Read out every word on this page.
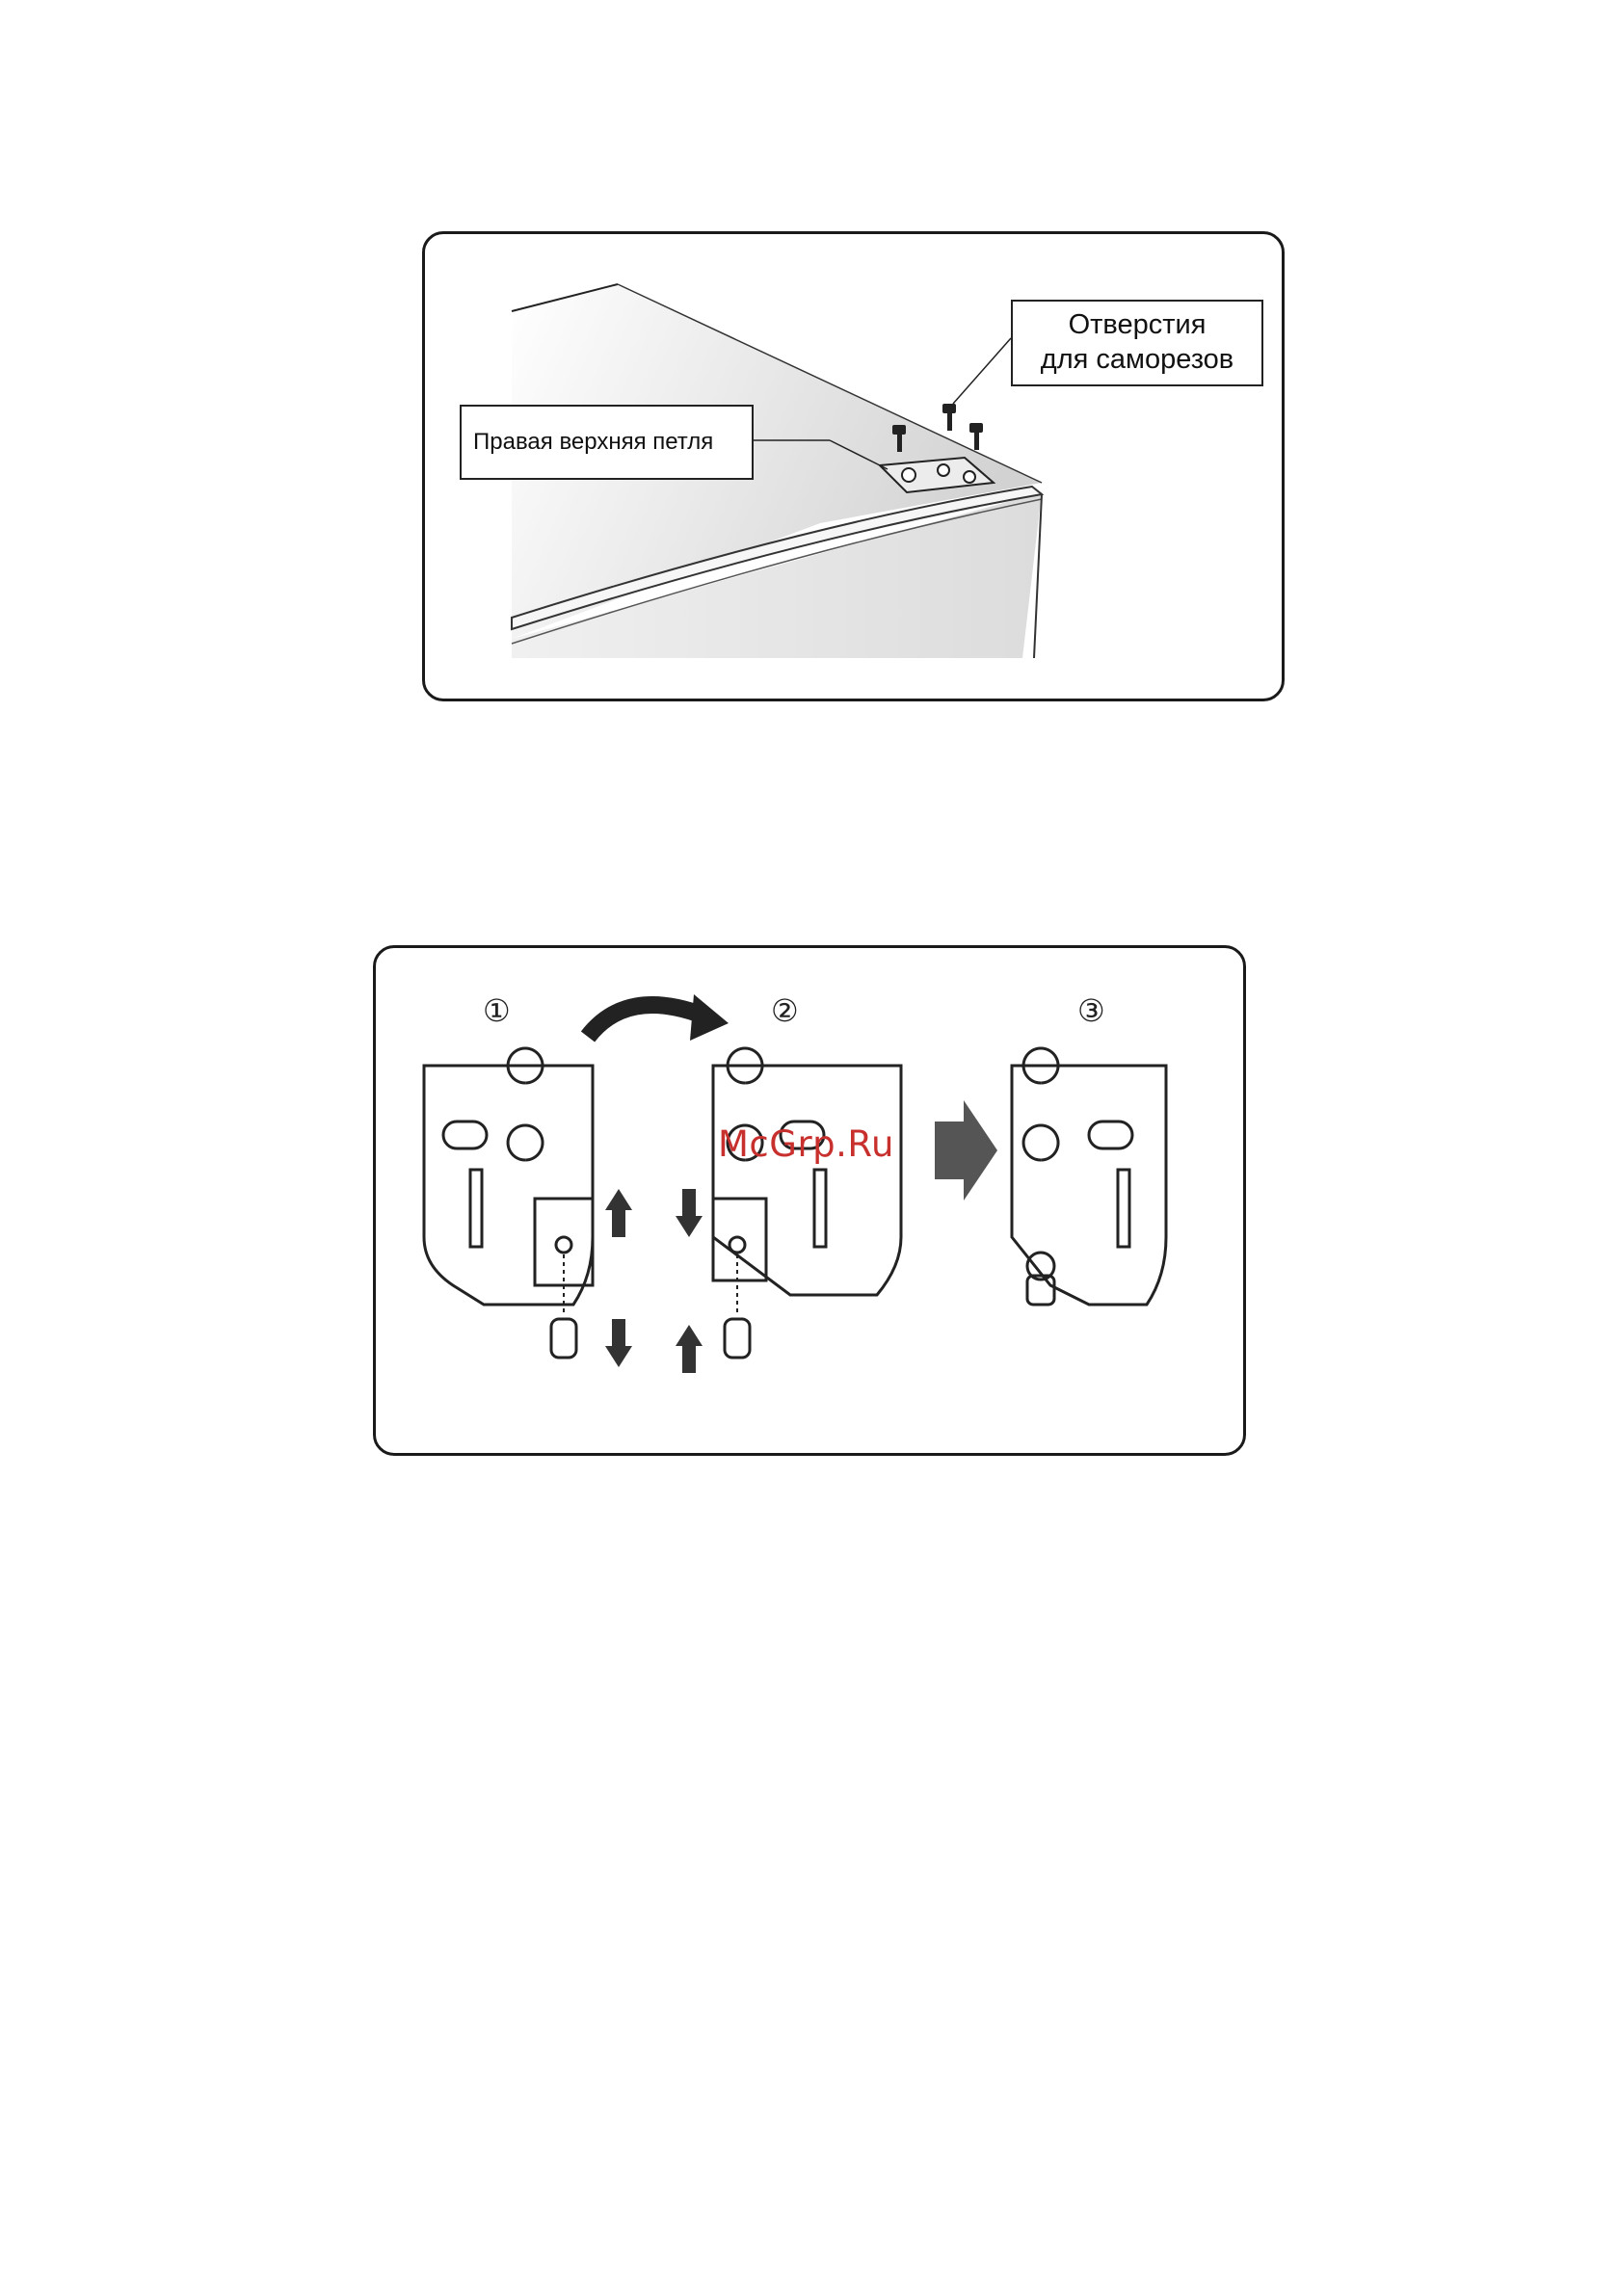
Правая верхняя петля
Отверстия
для саморезов
①	②	③
McGrp.Ru
